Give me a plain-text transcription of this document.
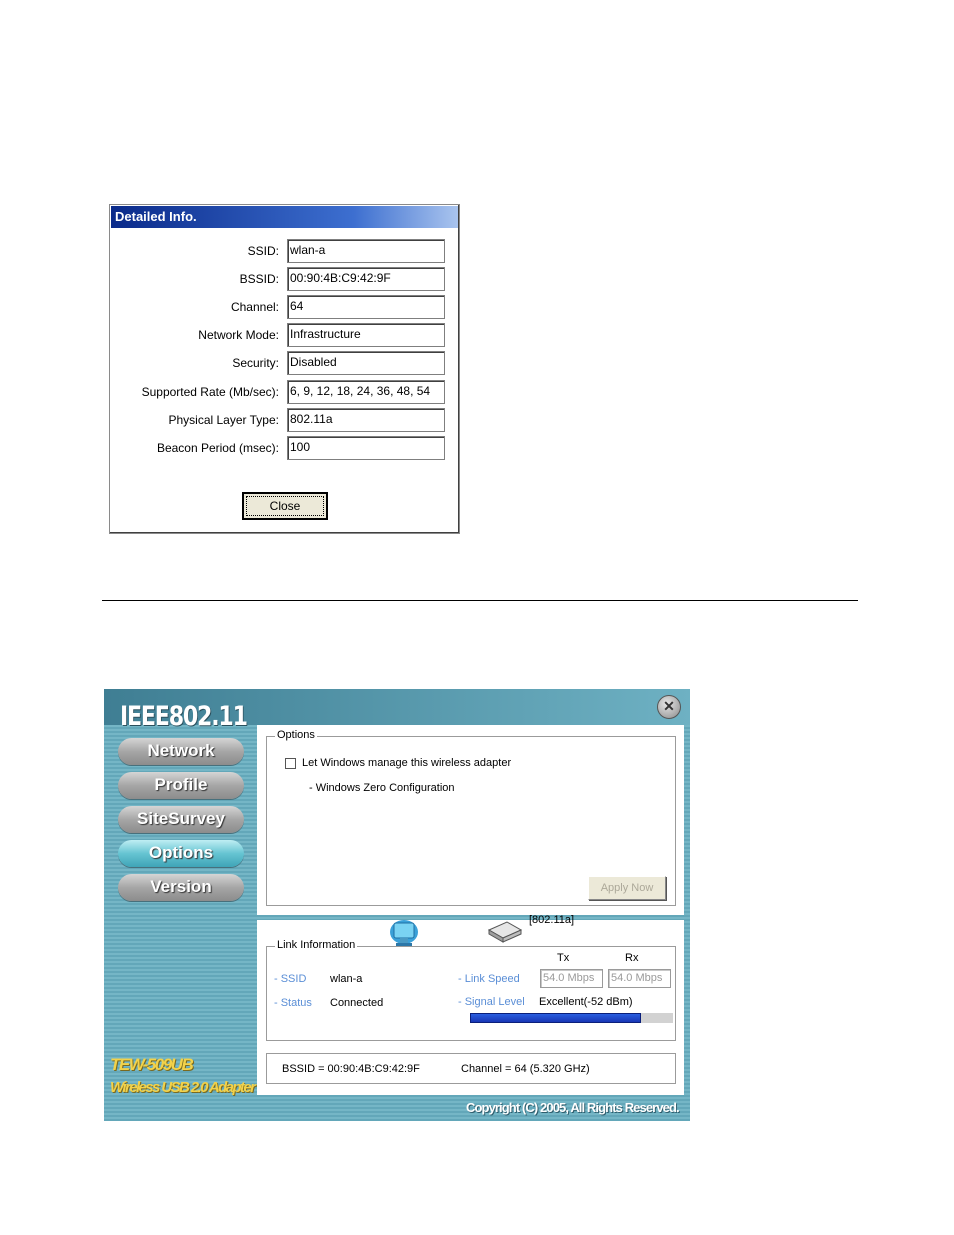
Detailed Info.
SSID: wlan-a
BSSID: 00:90:4B:C9:42:9F
Channel: 64
Network Mode: Infrastructure
Security: Disabled
Supported Rate (Mb/sec): 6, 9, 12, 18, 24, 36, 48, 54
Physical Layer Type: 802.11a
Beacon Period (msec): 100
Close
IEEE802.11	✕
Network
Profile
SiteSurvey
Options
Version
TEW-509UB
Wireless USB 2.0 Adapter
Copyright (C) 2005, All Rights Reserved.
Options
Let Windows manage this wireless adapter
- Windows Zero Configuration
Apply Now
Link Information
- SSID wlan-a
- Status Connected
Tx	Rx
- Link Speed 54.0 Mbps	54.0 Mbps
- Signal Level Excellent(-52 dBm)
[802.11a]
BSSID = 00:90:4B:C9:42:9F	Channel = 64 (5.320 GHz)
